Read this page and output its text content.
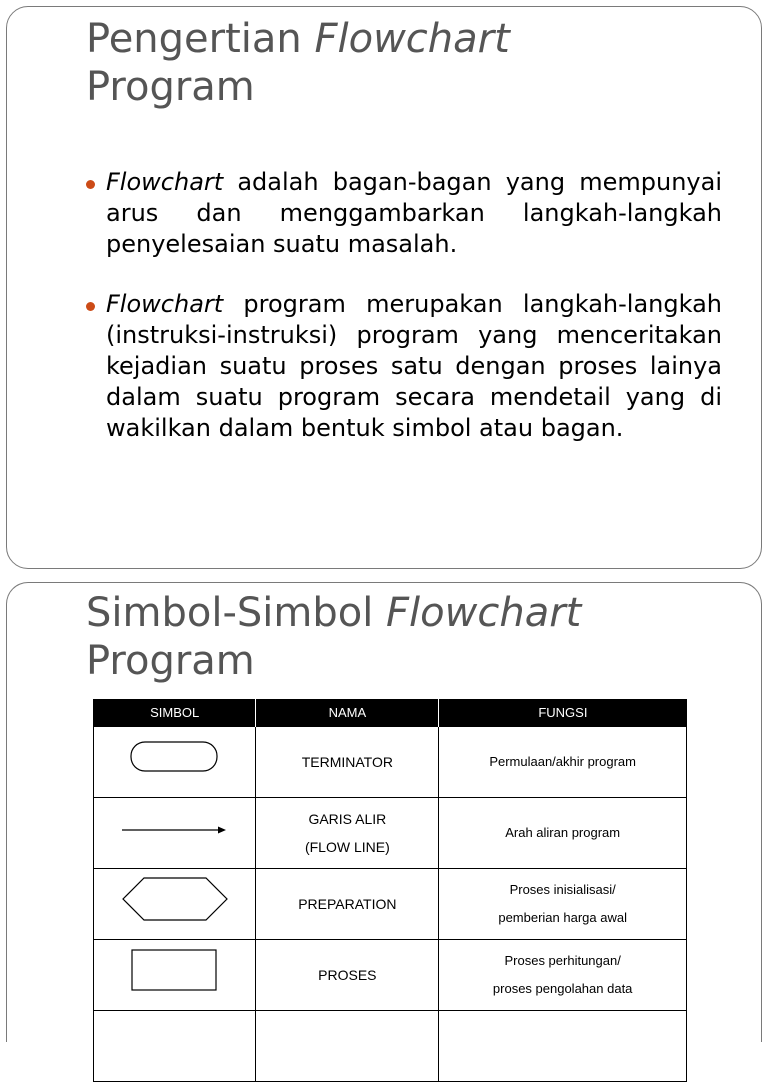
Pengertian Flowchart
Program
Flowchart adalah bagan-bagan yang mempunyai arus dan menggambarkan langkah-langkah penyelesaian suatu masalah.
Flowchart program merupakan langkah-langkah (instruksi-instruksi) program yang menceritakan kejadian suatu proses satu dengan proses lainya dalam suatu program secara mendetail yang di wakilkan dalam bentuk simbol atau bagan.
Simbol-Simbol Flowchart
Program
SIMBOL	NAMA	FUNGSI

TERMINATOR	Permulaan/akhir program

GARIS ALIR
(FLOW LINE)	Arah aliran program

PREPARATION	Proses inisialisasi/
pemberian harga awal

PROSES	Proses perhitungan/
proses pengolahan data
